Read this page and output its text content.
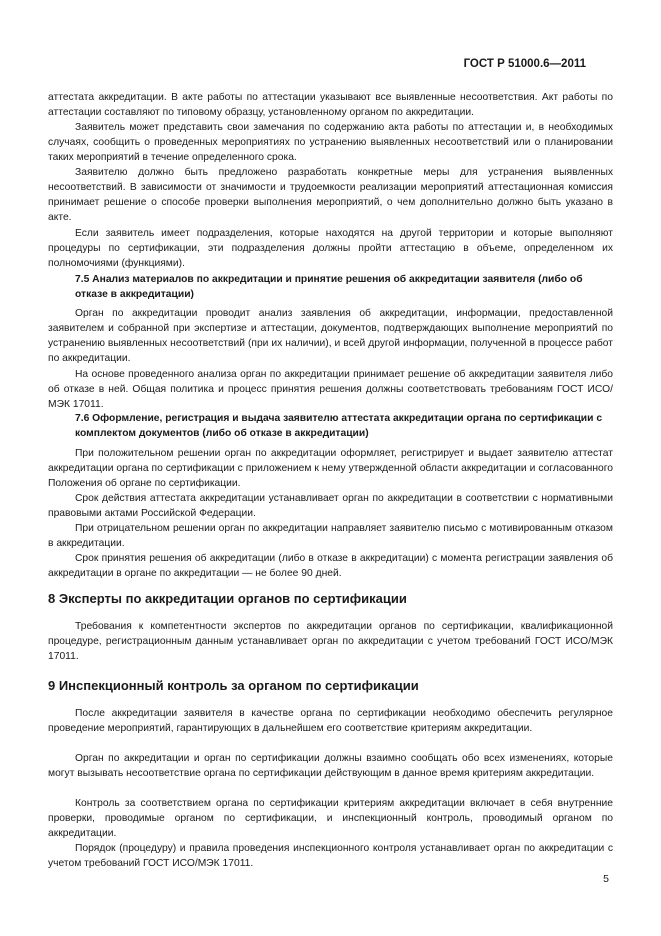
ГОСТ Р 51000.6—2011
аттестата аккредитации. В акте работы по аттестации указывают все выявленные несоответствия. Акт работы по аттестации составляют по типовому образцу, установленному органом по аккредитации.
Заявитель может представить свои замечания по содержанию акта работы по аттестации и, в необходимых случаях, сообщить о проведенных мероприятиях по устранению выявленных несоответствий или о планировании таких мероприятий в течение определенного срока.
Заявителю должно быть предложено разработать конкретные меры для устранения выявленных несоответствий. В зависимости от значимости и трудоемкости реализации мероприятий аттестационная комиссия принимает решение о способе проверки выполнения мероприятий, о чем дополнительно должно быть указано в акте.
Если заявитель имеет подразделения, которые находятся на другой территории и которые выполняют процедуры по сертификации, эти подразделения должны пройти аттестацию в объеме, определенном их полномочиями (функциями).
7.5 Анализ материалов по аккредитации и принятие решения об аккредитации заявителя (либо об отказе в аккредитации)
Орган по аккредитации проводит анализ заявления об аккредитации, информации, предоставленной заявителем и собранной при экспертизе и аттестации, документов, подтверждающих выполнение мероприятий по устранению выявленных несоответствий (при их наличии), и всей другой информации, полученной в процессе работ по аккредитации.
На основе проведенного анализа орган по аккредитации принимает решение об аккредитации заявителя либо об отказе в ней. Общая политика и процесс принятия решения должны соответствовать требованиям ГОСТ ИСО/МЭК 17011.
7.6 Оформление, регистрация и выдача заявителю аттестата аккредитации органа по сертификации с комплектом документов (либо об отказе в аккредитации)
При положительном решении орган по аккредитации оформляет, регистрирует и выдает заявителю аттестат аккредитации органа по сертификации с приложением к нему утвержденной области аккредитации и согласованного Положения об органе по сертификации.
Срок действия аттестата аккредитации устанавливает орган по аккредитации в соответствии с нормативными правовыми актами Российской Федерации.
При отрицательном решении орган по аккредитации направляет заявителю письмо с мотивированным отказом в аккредитации.
Срок принятия решения об аккредитации (либо в отказе в аккредитации) с момента регистрации заявления об аккредитации в органе по аккредитации — не более 90 дней.
8 Эксперты по аккредитации органов по сертификации
Требования к компетентности экспертов по аккредитации органов по сертификации, квалификационной процедуре, регистрационным данным устанавливает орган по аккредитации с учетом требований ГОСТ ИСО/МЭК 17011.
9 Инспекционный контроль за органом по сертификации
После аккредитации заявителя в качестве органа по сертификации необходимо обеспечить регулярное проведение мероприятий, гарантирующих в дальнейшем его соответствие критериям аккредитации.
Орган по аккредитации и орган по сертификации должны взаимно сообщать обо всех изменениях, которые могут вызывать несоответствие органа по сертификации действующим в данное время критериям аккредитации.
Контроль за соответствием органа по сертификации критериям аккредитации включает в себя внутренние проверки, проводимые органом по сертификации, и инспекционный контроль, проводимый органом по аккредитации.
Порядок (процедуру) и правила проведения инспекционного контроля устанавливает орган по аккредитации с учетом требований ГОСТ ИСО/МЭК 17011.
5
